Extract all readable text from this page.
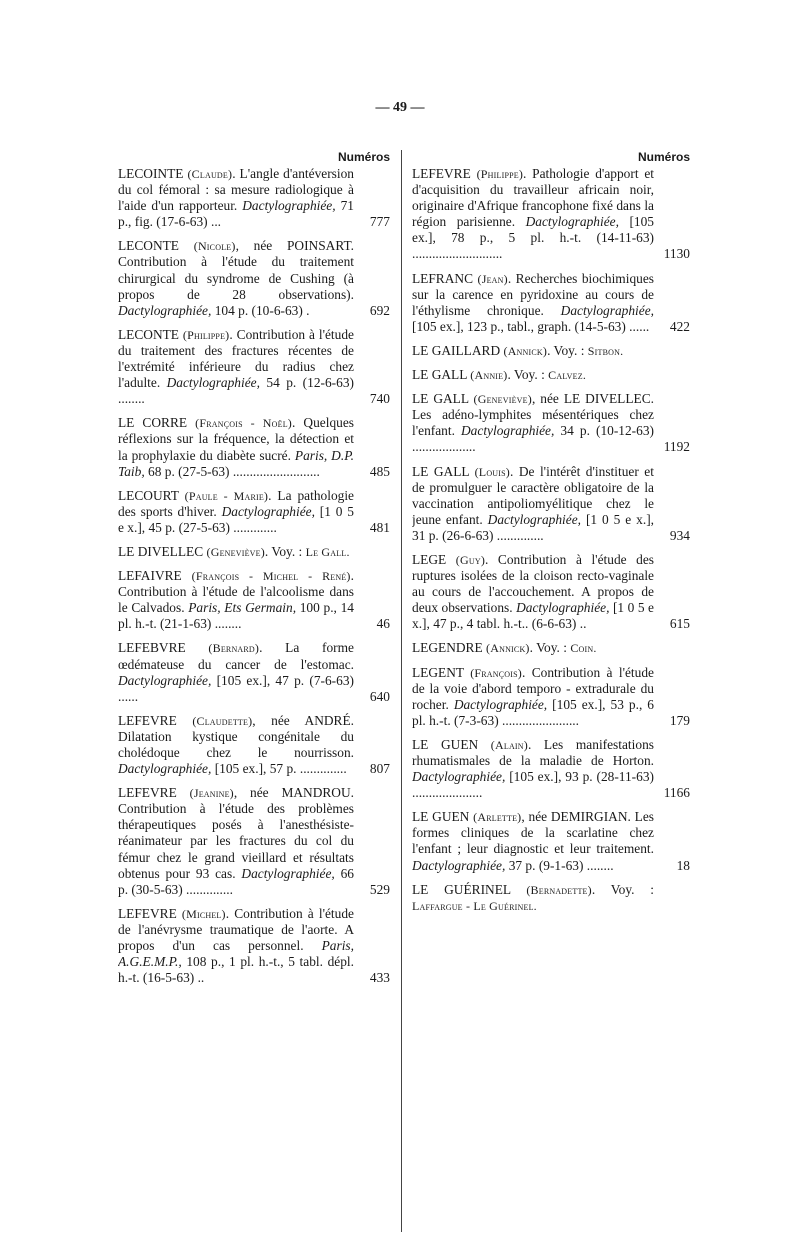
— 49 —
Numéros
LECOINTE (Claude). L'angle d'antéversion du col fémoral : sa mesure radiologique à l'aide d'un rapporteur. Dactylographiée, 71 p., fig. (17-6-63) ...	777
LECONTE (Nicole), née POINSART. Contribution à l'étude du traitement chirurgical du syndrome de Cushing (à propos de 28 observations). Dactylographiée, 104 p. (10-6-63) .	692
LECONTE (Philippe). Contribution à l'étude du traitement des fractures récentes de l'extrémité inférieure du radius chez l'adulte. Dactylographiée, 54 p. (12-6-63) ........	740
LE CORRE (François - Noël). Quelques réflexions sur la fréquence, la détection et la prophylaxie du diabète sucré. Paris, D.P. Taib, 68 p. (27-5-63) ..........................	485
LECOURT (Paule - Marie). La pathologie des sports d'hiver. Dactylographiée, [1 0 5 e x.], 45 p. (27-5-63) .............	481
LE DIVELLEC (Geneviève). Voy. : Le Gall.
LEFAIVRE (François - Michel - René). Contribution à l'étude de l'alcoolisme dans le Calvados. Paris, Ets Germain, 100 p., 14 pl. h.-t. (21-1-63) ........	46
LEFEBVRE (Bernard). La forme œdémateuse du cancer de l'estomac. Dactylographiée, [105 ex.], 47 p. (7-6-63) ......	640
LEFEVRE (Claudette), née ANDRÉ. Dilatation kystique congénitale du cholédoque chez le nourrisson. Dactylographiée, [105 ex.], 57 p. ..............	807
LEFEVRE (Jeanine), née MANDROU. Contribution à l'étude des problèmes thérapeutiques posés à l'anesthésiste-réanimateur par les fractures du col du fémur chez le grand vieillard et résultats obtenus pour 93 cas. Dactylographiée, 66 p. (30-5-63) ..............	529
LEFEVRE (Michel). Contribution à l'étude de l'anévrysme traumatique de l'aorte. A propos d'un cas personnel. Paris, A.G.E.M.P., 108 p., 1 pl. h.-t., 5 tabl. dépl. h.-t. (16-5-63) ..	433
Numéros
LEFEVRE (Philippe). Pathologie d'apport et d'acquisition du travailleur africain noir, originaire d'Afrique francophone fixé dans la région parisienne. Dactylographiée, [105 ex.], 78 p., 5 pl. h.-t. (14-11-63) ...........................	1130
LEFRANC (Jean). Recherches biochimiques sur la carence en pyridoxine au cours de l'éthylisme chronique. Dactylographiée, [105 ex.], 123 p., tabl., graph. (14-5-63) ......	422
LE GAILLARD (Annick). Voy. : Sitbon.
LE GALL (Annie). Voy. : Calvez.
LE GALL (Geneviève), née LE DIVELLEC. Les adéno-lymphites mésentériques chez l'enfant. Dactylographiée, 34 p. (10-12-63) ...................	1192
LE GALL (Louis). De l'intérêt d'instituer et de promulguer le caractère obligatoire de la vaccination antipoliomyélitique chez le jeune enfant. Dactylographiée, [1 0 5 e x.], 31 p. (26-6-63) ..............	934
LEGE (Guy). Contribution à l'étude des ruptures isolées de la cloison recto-vaginale au cours de l'accouchement. A propos de deux observations. Dactylographiée, [1 0 5 e x.], 47 p., 4 tabl. h.-t.. (6-6-63) ..	615
LEGENDRE (Annick). Voy. : Coin.
LEGENT (François). Contribution à l'étude de la voie d'abord temporo - extradurale du rocher. Dactylographiée, [105 ex.], 53 p., 6 pl. h.-t. (7-3-63) .......................	179
LE GUEN (Alain). Les manifestations rhumatismales de la maladie de Horton. Dactylographiée, [105 ex.], 93 p. (28-11-63) .....................	1166
LE GUEN (Arlette), née DEMIRGIAN. Les formes cliniques de la scarlatine chez l'enfant ; leur diagnostic et leur traitement. Dactylographiée, 37 p. (9-1-63) ........	18
LE GUÉRINEL (Bernadette). Voy. : Laffargue - Le Guérinel.
